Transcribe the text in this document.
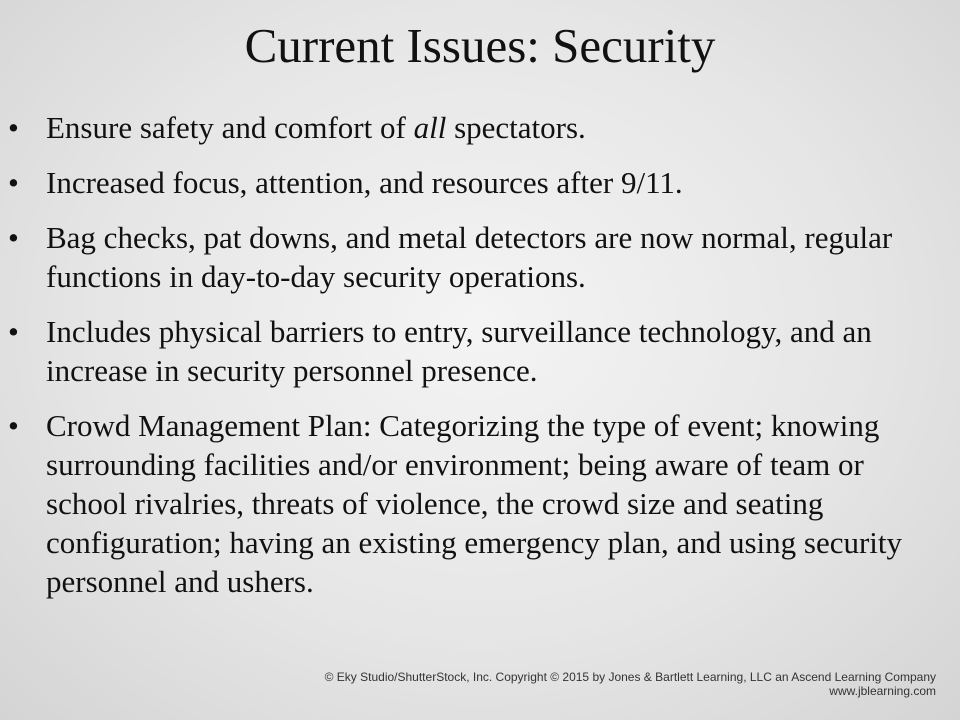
Current Issues: Security
• Ensure safety and comfort of all spectators.
• Increased focus, attention, and resources after 9/11.
• Bag checks, pat downs, and metal detectors are now normal, regular functions in day-to-day security operations.
• Includes physical barriers to entry, surveillance technology, and an increase in security personnel presence.
• Crowd Management Plan: Categorizing the type of event; knowing surrounding facilities and/or environment; being aware of team or school rivalries, threats of violence, the crowd size and seating configuration; having an existing emergency plan, and using security personnel and ushers.
© Eky Studio/ShutterStock, Inc. Copyright © 2015 by Jones & Bartlett Learning, LLC an Ascend Learning Company
www.jblearning.com
